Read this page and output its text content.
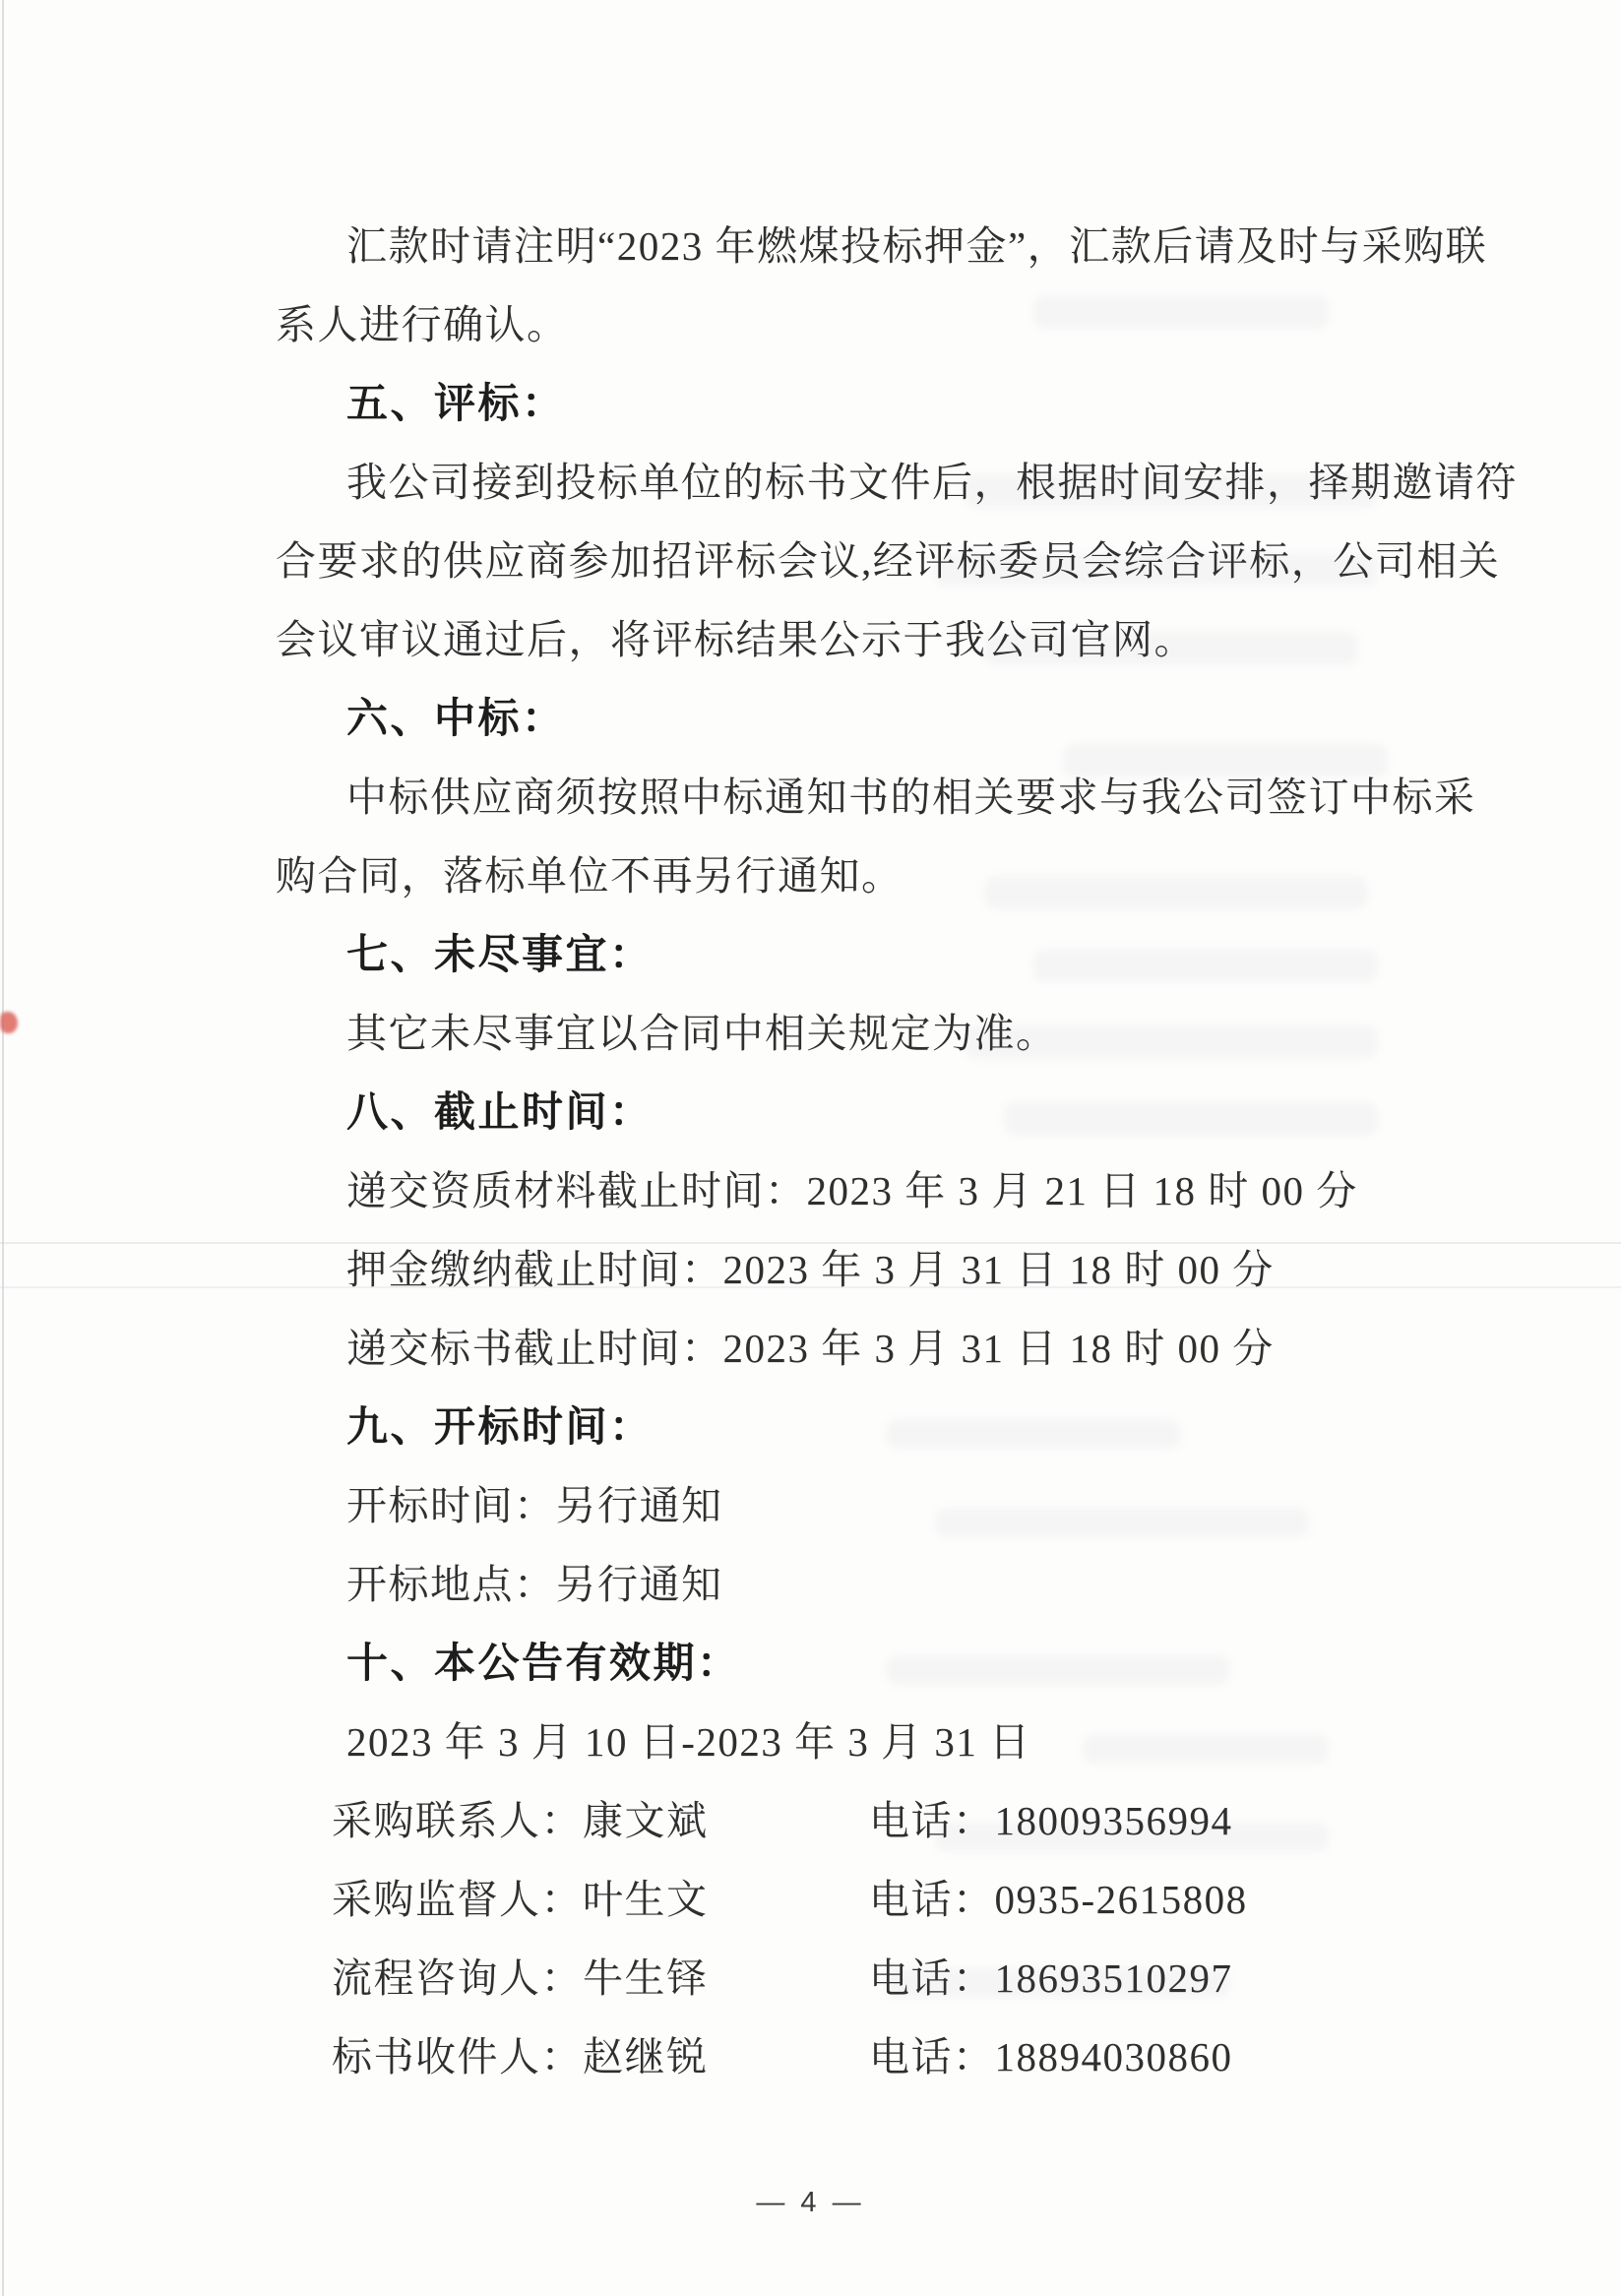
汇款时请注明“2023 年燃煤投标押金”，汇款后请及时与采购联
系人进行确认。
五、评标：
我公司接到投标单位的标书文件后，根据时间安排，择期邀请符
合要求的供应商参加招评标会议,经评标委员会综合评标，公司相关
会议审议通过后，将评标结果公示于我公司官网。
六、中标：
中标供应商须按照中标通知书的相关要求与我公司签订中标采
购合同，落标单位不再另行通知。
七、未尽事宜：
其它未尽事宜以合同中相关规定为准。
八、截止时间：
递交资质材料截止时间：2023 年 3 月 21 日 18 时 00 分
押金缴纳截止时间：2023 年 3 月 31 日 18 时 00 分
递交标书截止时间：2023 年 3 月 31 日 18 时 00 分
九、开标时间：
开标时间：另行通知
开标地点：另行通知
十、本公告有效期：
2023 年 3 月 10 日-2023 年 3 月 31 日
采购联系人：康文斌	电话：18009356994
采购监督人：叶生文	电话：0935-2615808
流程咨询人：牛生铎	电话：18693510297
标书收件人：赵继锐	电话：18894030860
— 4 —
